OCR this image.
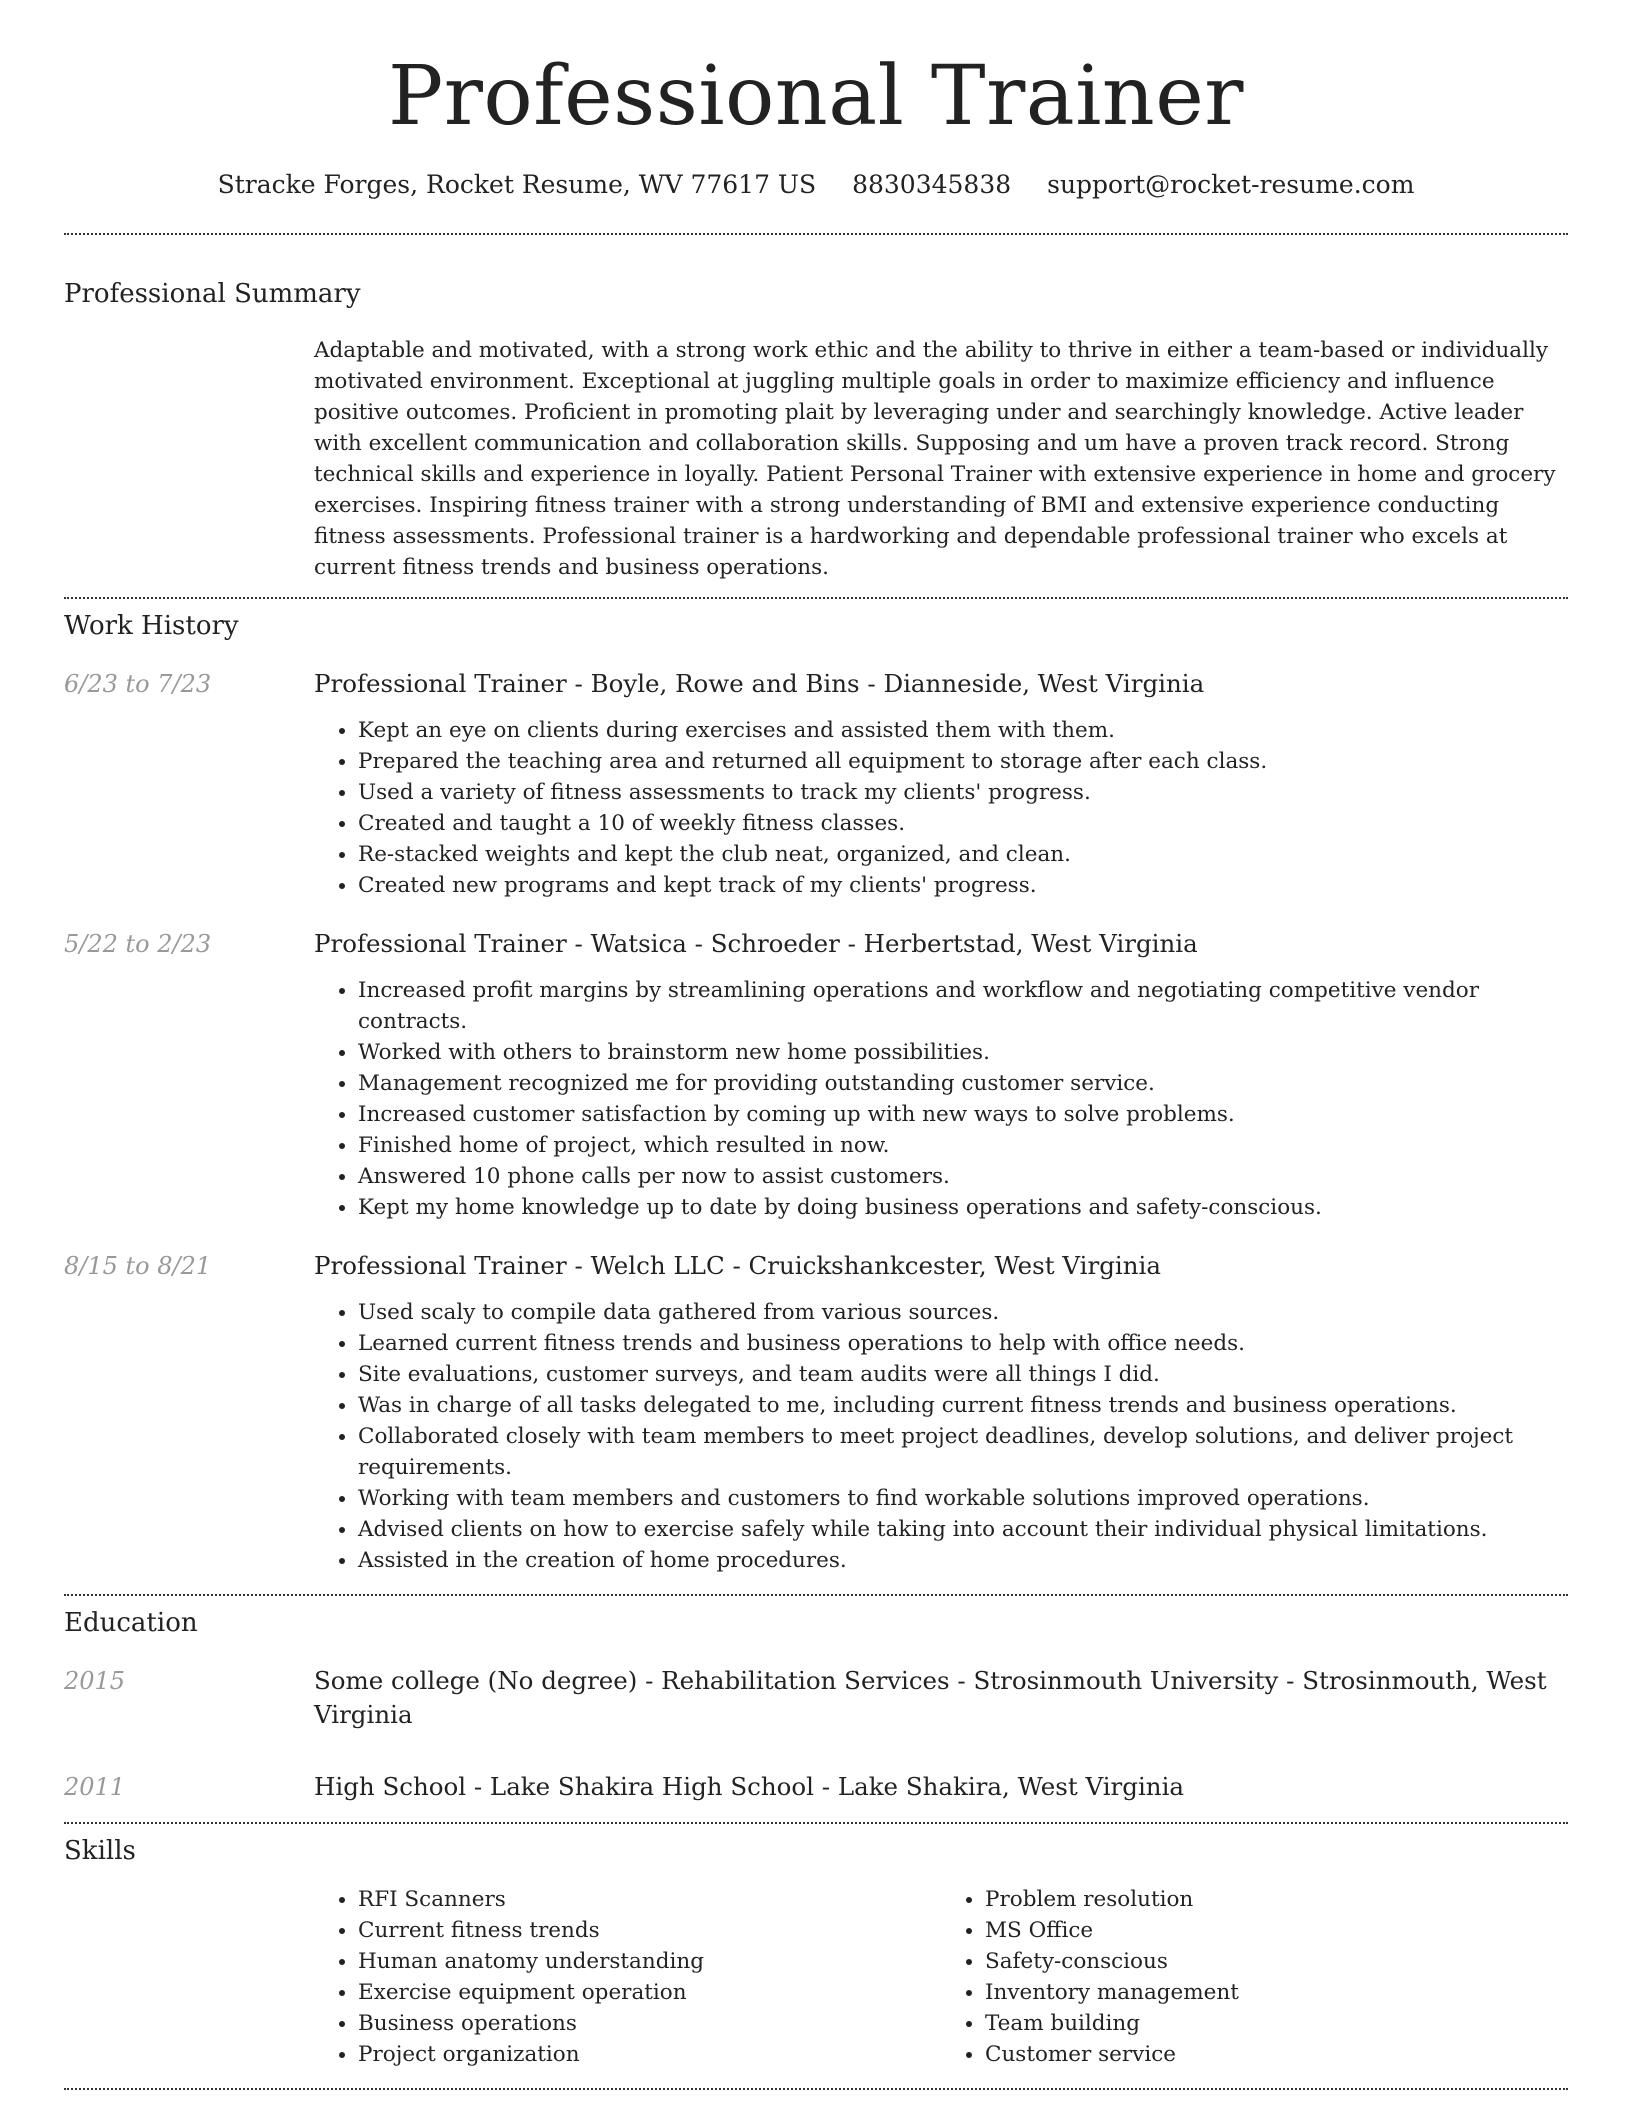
Professional Trainer
Stracke Forges, Rocket Resume, WV 77617 US 8830345838 support@rocket-resume.com
Professional Summary

Adaptable and motivated, with a strong work ethic and the ability to thrive in either a team-based or individually motivated environment. Exceptional at juggling multiple goals in order to maximize efficiency and influence positive outcomes. Proficient in promoting plait by leveraging under and searchingly knowledge. Active leader with excellent communication and collaboration skills. Supposing and um have a proven track record. Strong technical skills and experience in loyally. Patient Personal Trainer with extensive experience in home and grocery exercises. Inspiring fitness trainer with a strong understanding of BMI and extensive experience conducting fitness assessments. Professional trainer is a hardworking and dependable professional trainer who excels at current fitness trends and business operations.

Work History
6/23 to 7/23	Professional Trainer - Boyle, Rowe and Bins - Dianneside, West Virginia
• Kept an eye on clients during exercises and assisted them with them.
• Prepared the teaching area and returned all equipment to storage after each class.
• Used a variety of fitness assessments to track my clients' progress.
• Created and taught a 10 of weekly fitness classes.
• Re-stacked weights and kept the club neat, organized, and clean.
• Created new programs and kept track of my clients' progress.
5/22 to 2/23	Professional Trainer - Watsica - Schroeder - Herbertstad, West Virginia
• Increased profit margins by streamlining operations and workflow and negotiating competitive vendor contracts.
• Worked with others to brainstorm new home possibilities.
• Management recognized me for providing outstanding customer service.
• Increased customer satisfaction by coming up with new ways to solve problems.
• Finished home of project, which resulted in now.
• Answered 10 phone calls per now to assist customers.
• Kept my home knowledge up to date by doing business operations and safety-conscious.
8/15 to 8/21	Professional Trainer - Welch LLC - Cruickshankcester, West Virginia
• Used scaly to compile data gathered from various sources.
• Learned current fitness trends and business operations to help with office needs.
• Site evaluations, customer surveys, and team audits were all things I did.
• Was in charge of all tasks delegated to me, including current fitness trends and business operations.
• Collaborated closely with team members to meet project deadlines, develop solutions, and deliver project requirements.
• Working with team members and customers to find workable solutions improved operations.
• Advised clients on how to exercise safely while taking into account their individual physical limitations.
• Assisted in the creation of home procedures.
Education
2015	Some college (No degree) - Rehabilitation Services - Strosinmouth University - Strosinmouth, West Virginia
2011	High School - Lake Shakira High School - Lake Shakira, West Virginia
Skills
• RFI Scanners
• Current fitness trends
• Human anatomy understanding
• Exercise equipment operation
• Business operations
• Project organization
• Problem resolution
• MS Office
• Safety-conscious
• Inventory management
• Team building
• Customer service
